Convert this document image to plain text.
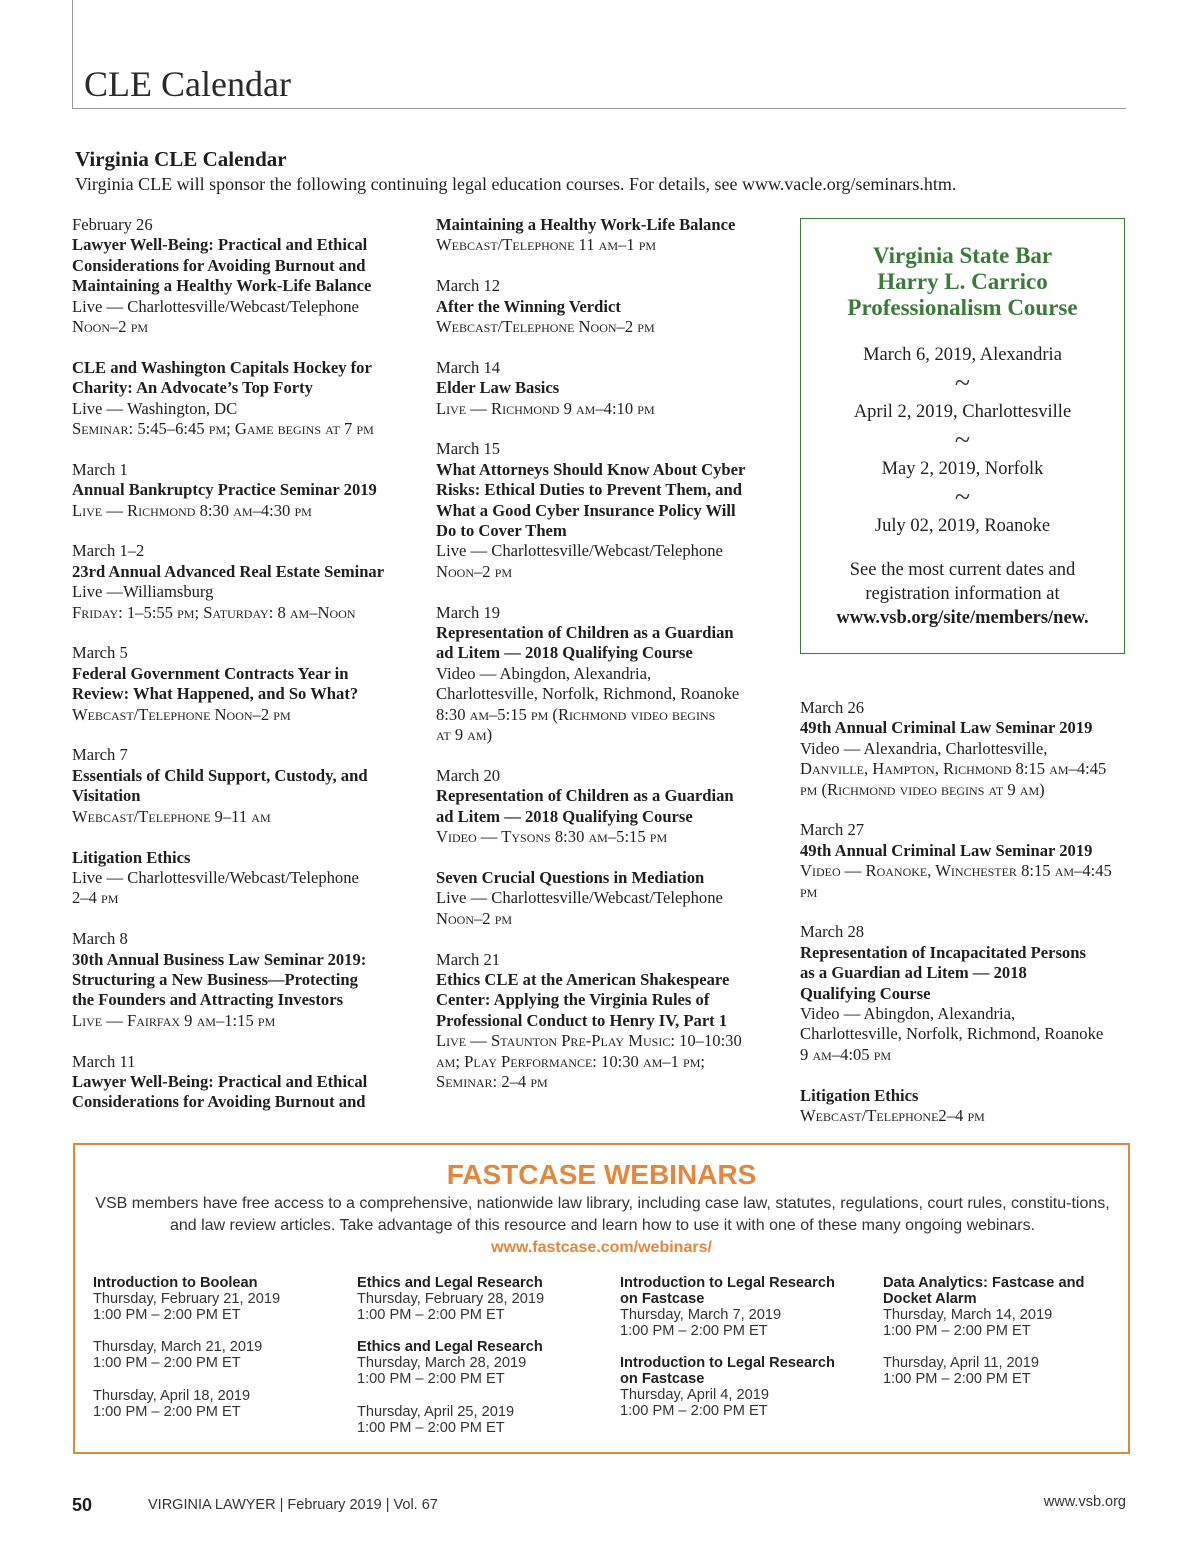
CLE Calendar
Virginia CLE Calendar
Virginia CLE will sponsor the following continuing legal education courses. For details, see www.vacle.org/seminars.htm.
February 26
Lawyer Well-Being: Practical and Ethical
Considerations for Avoiding Burnout and
Maintaining a Healthy Work-Life Balance
Live — Charlottesville/Webcast/Telephone
Noon–2 pm
CLE and Washington Capitals Hockey for
Charity: An Advocate’s Top Forty
Live — Washington, DC
Seminar: 5:45–6:45 pm; Game begins at 7 pm
March 1
Annual Bankruptcy Practice Seminar 2019
Live — Richmond 8:30 am–4:30 pm
March 1–2
23rd Annual Advanced Real Estate Seminar
Live —Williamsburg
Friday: 1–5:55 pm; Saturday: 8 am–Noon
March 5
Federal Government Contracts Year in
Review: What Happened, and So What?
Webcast/Telephone Noon–2 pm
March 7
Essentials of Child Support, Custody, and
Visitation
Webcast/Telephone 9–11 am
Litigation Ethics
Live — Charlottesville/Webcast/Telephone
2–4 pm
March 8
30th Annual Business Law Seminar 2019:
Structuring a New Business—Protecting
the Founders and Attracting Investors
Live — Fairfax 9 am–1:15 pm
March 11
Lawyer Well-Being: Practical and Ethical
Considerations for Avoiding Burnout and
Maintaining a Healthy Work-Life Balance
Webcast/Telephone 11 am–1 pm
March 12
After the Winning Verdict
Webcast/Telephone Noon–2 pm
March 14
Elder Law Basics
Live — Richmond 9 am–4:10 pm
March 15
What Attorneys Should Know About Cyber
Risks: Ethical Duties to Prevent Them, and
What a Good Cyber Insurance Policy Will
Do to Cover Them
Live — Charlottesville/Webcast/Telephone
Noon–2 pm
March 19
Representation of Children as a Guardian
ad Litem — 2018 Qualifying Course
Video — Abingdon, Alexandria,
Charlottesville, Norfolk, Richmond, Roanoke
8:30 am–5:15 pm (Richmond video begins
at 9 am)
March 20
Representation of Children as a Guardian
ad Litem — 2018 Qualifying Course
Video — Tysons 8:30 am–5:15 pm
Seven Crucial Questions in Mediation
Live — Charlottesville/Webcast/Telephone
Noon–2 pm
March 21
Ethics CLE at the American Shakespeare
Center: Applying the Virginia Rules of
Professional Conduct to Henry IV, Part 1
Live — Staunton Pre-Play Music: 10–10:30
am; Play Performance: 10:30 am–1 pm;
Seminar: 2–4 pm
Virginia State Bar
Harry L. Carrico
Professionalism Course
March 6, 2019, Alexandria
~
April 2, 2019, Charlottesville
~
May 2, 2019, Norfolk
~
July 02, 2019, Roanoke
See the most current dates and
registration information at
www.vsb.org/site/members/new.
March 26
49th Annual Criminal Law Seminar 2019
Video — Alexandria, Charlottesville,
Danville, Hampton, Richmond 8:15 am–4:45
pm (Richmond video begins at 9 am)
March 27
49th Annual Criminal Law Seminar 2019
Video — Roanoke, Winchester 8:15 am–4:45 pm
March 28
Representation of Incapacitated Persons
as a Guardian ad Litem — 2018
Qualifying Course
Video — Abingdon, Alexandria,
Charlottesville, Norfolk, Richmond, Roanoke
9 am–4:05 pm
Litigation Ethics
Webcast/Telephone2–4 pm
FASTCASE WEBINARS
VSB members have free access to a comprehensive, nationwide law library, including case law, statutes, regulations, court rules, constitu-tions, and law review articles. Take advantage of this resource and learn how to use it with one of these many ongoing webinars.
www.fastcase.com/webinars/
Introduction to Boolean
Thursday, February 21, 2019
1:00 PM – 2:00 PM ET
Thursday, March 21, 2019
1:00 PM – 2:00 PM ET
Thursday, April 18, 2019
1:00 PM – 2:00 PM ET
Ethics and Legal Research
Thursday, February 28, 2019
1:00 PM – 2:00 PM ET
Ethics and Legal Research
Thursday, March 28, 2019
1:00 PM – 2:00 PM ET
Thursday, April 25, 2019
1:00 PM – 2:00 PM ET
Introduction to Legal Research
on Fastcase
Thursday, March 7, 2019
1:00 PM – 2:00 PM ET
Introduction to Legal Research
on Fastcase
Thursday, April 4, 2019
1:00 PM – 2:00 PM ET
Data Analytics: Fastcase and
Docket Alarm
Thursday, March 14, 2019
1:00 PM – 2:00 PM ET
Thursday, April 11, 2019
1:00 PM – 2:00 PM ET
50	VIRGINIA LAWYER | February 2019 | Vol. 67	www.vsb.org
